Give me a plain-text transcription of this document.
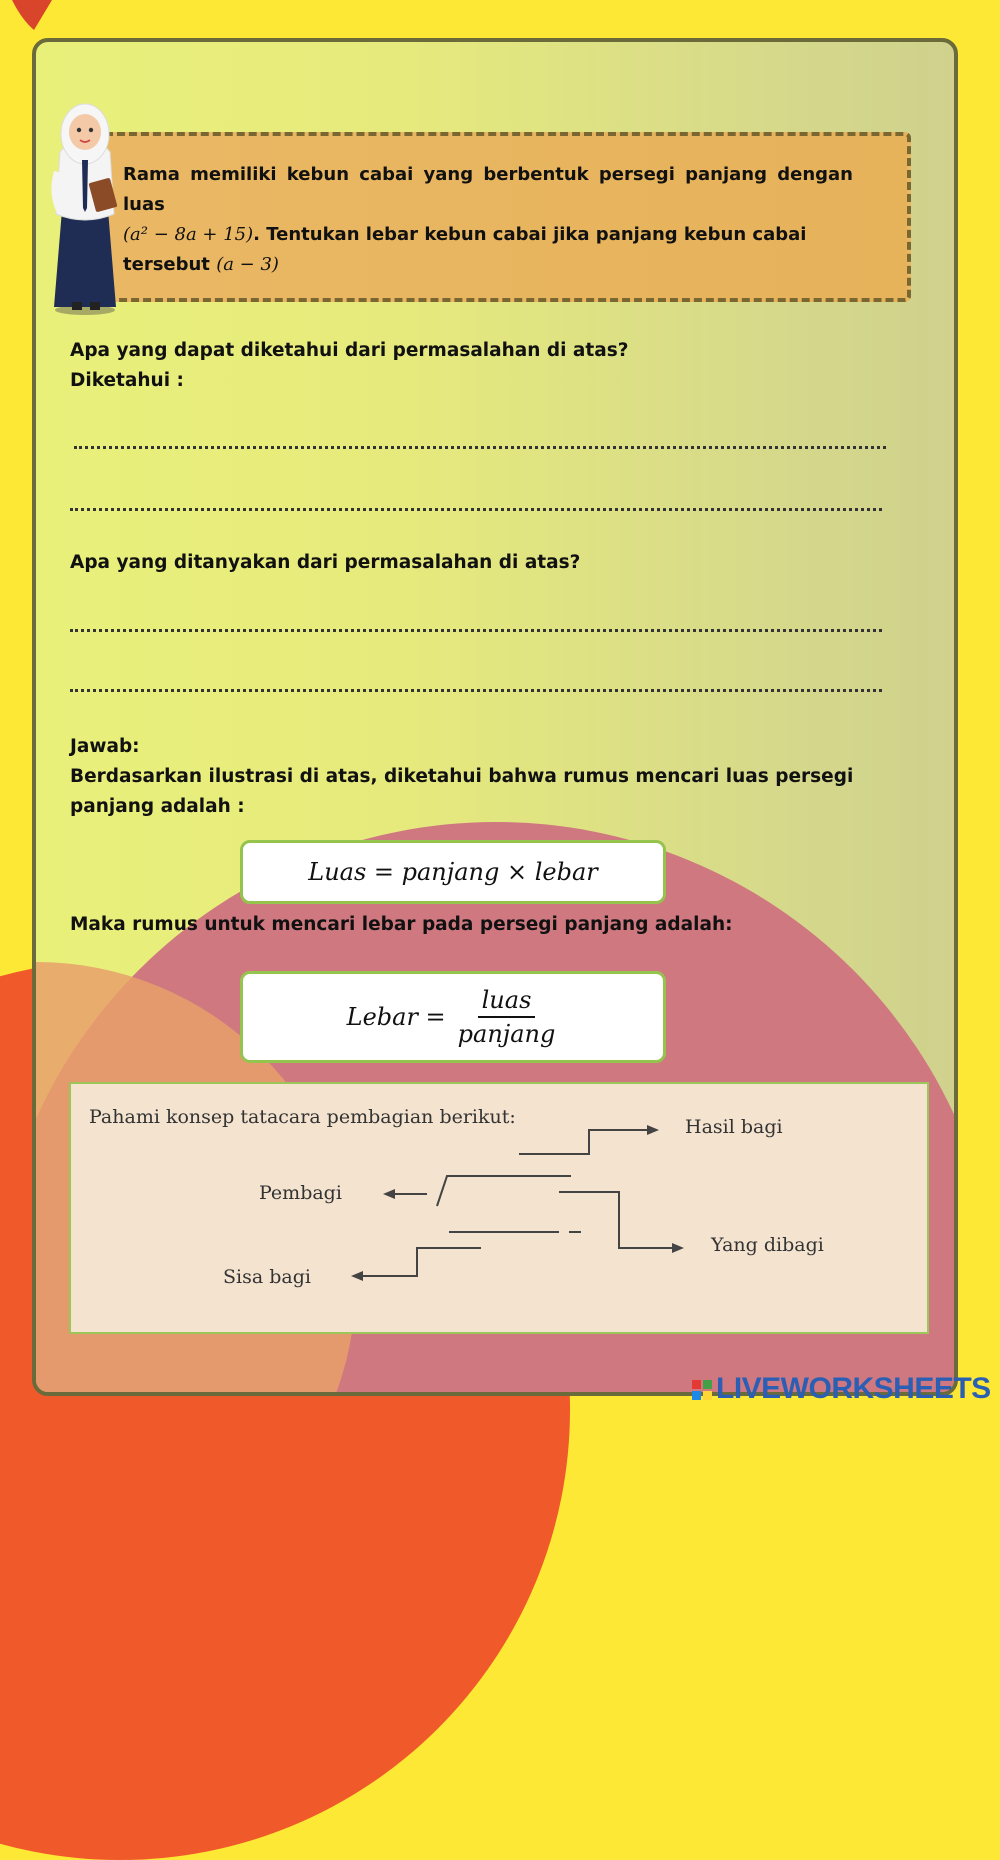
Rama memiliki kebun cabai yang berbentuk persegi panjang dengan luas
(a² − 8a + 15). Tentukan lebar kebun cabai jika panjang kebun cabai
tersebut (a − 3)
Apa yang dapat diketahui dari permasalahan di atas?
Diketahui :
Apa yang ditanyakan dari permasalahan di atas?
Jawab:
Berdasarkan ilustrasi di atas, diketahui bahwa rumus mencari luas persegi panjang adalah :
Luas = panjang × lebar
Maka rumus untuk mencari lebar pada persegi panjang adalah:
Lebar = $\frac{\text{luas}}{\text{panjang}}$
Pahami konsep tatacara pembagian berikut:	Hasil bagi
Pembagi
Yang dibagi
Sisa bagi
LIVEWORKSHEETS
